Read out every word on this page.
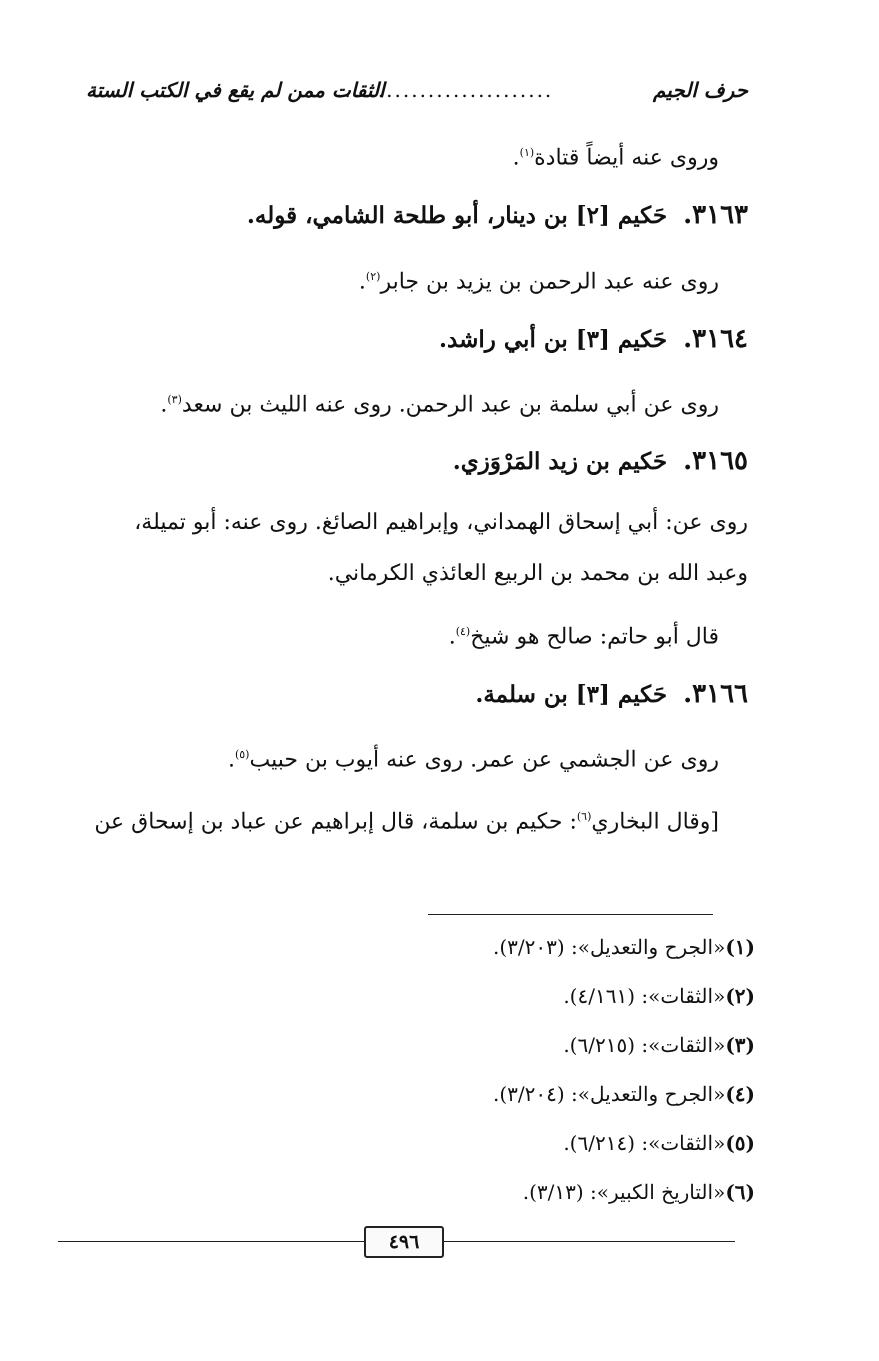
حرف الجيم
..........................
الثقات ممن لم يقع في الكتب الستة
وروى عنه أيضاً قتادة$^{(١)}$.
٣١٦٣.حَكيم [٢] بن دينار، أبو طلحة الشامي، قوله.
روى عنه عبد الرحمن بن يزيد بن جابر$^{(٢)}$.
٣١٦٤.حَكيم [٣] بن أبي راشد.
روى عن أبي سلمة بن عبد الرحمن. روى عنه الليث بن سعد$^{(٣)}$.
٣١٦٥.حَكيم بن زيد المَرْوَزي.
روى عن: أبي إسحاق الهمداني، وإبراهيم الصائغ. روى عنه: أبو تميلة،
وعبد الله بن محمد بن الربيع العائذي الكرماني.
قال أبو حاتم: صالح هو شيخ$^{(٤)}$.
٣١٦٦.حَكيم [٣] بن سلمة.
روى عن الجشمي عن عمر. روى عنه أيوب بن حبيب$^{(٥)}$.
[وقال البخاري$^{(٦)}$: حكيم بن سلمة، قال إبراهيم عن عباد بن إسحاق عن
(١)«الجرح والتعديل»: (٣/٢٠٣).
(٢)«الثقات»: (٤/١٦١).
(٣)«الثقات»: (٦/٢١٥).
(٤)«الجرح والتعديل»: (٣/٢٠٤).
(٥)«الثقات»: (٦/٢١٤).
(٦)«التاريخ الكبير»: (٣/١٣).
٤٩٦
